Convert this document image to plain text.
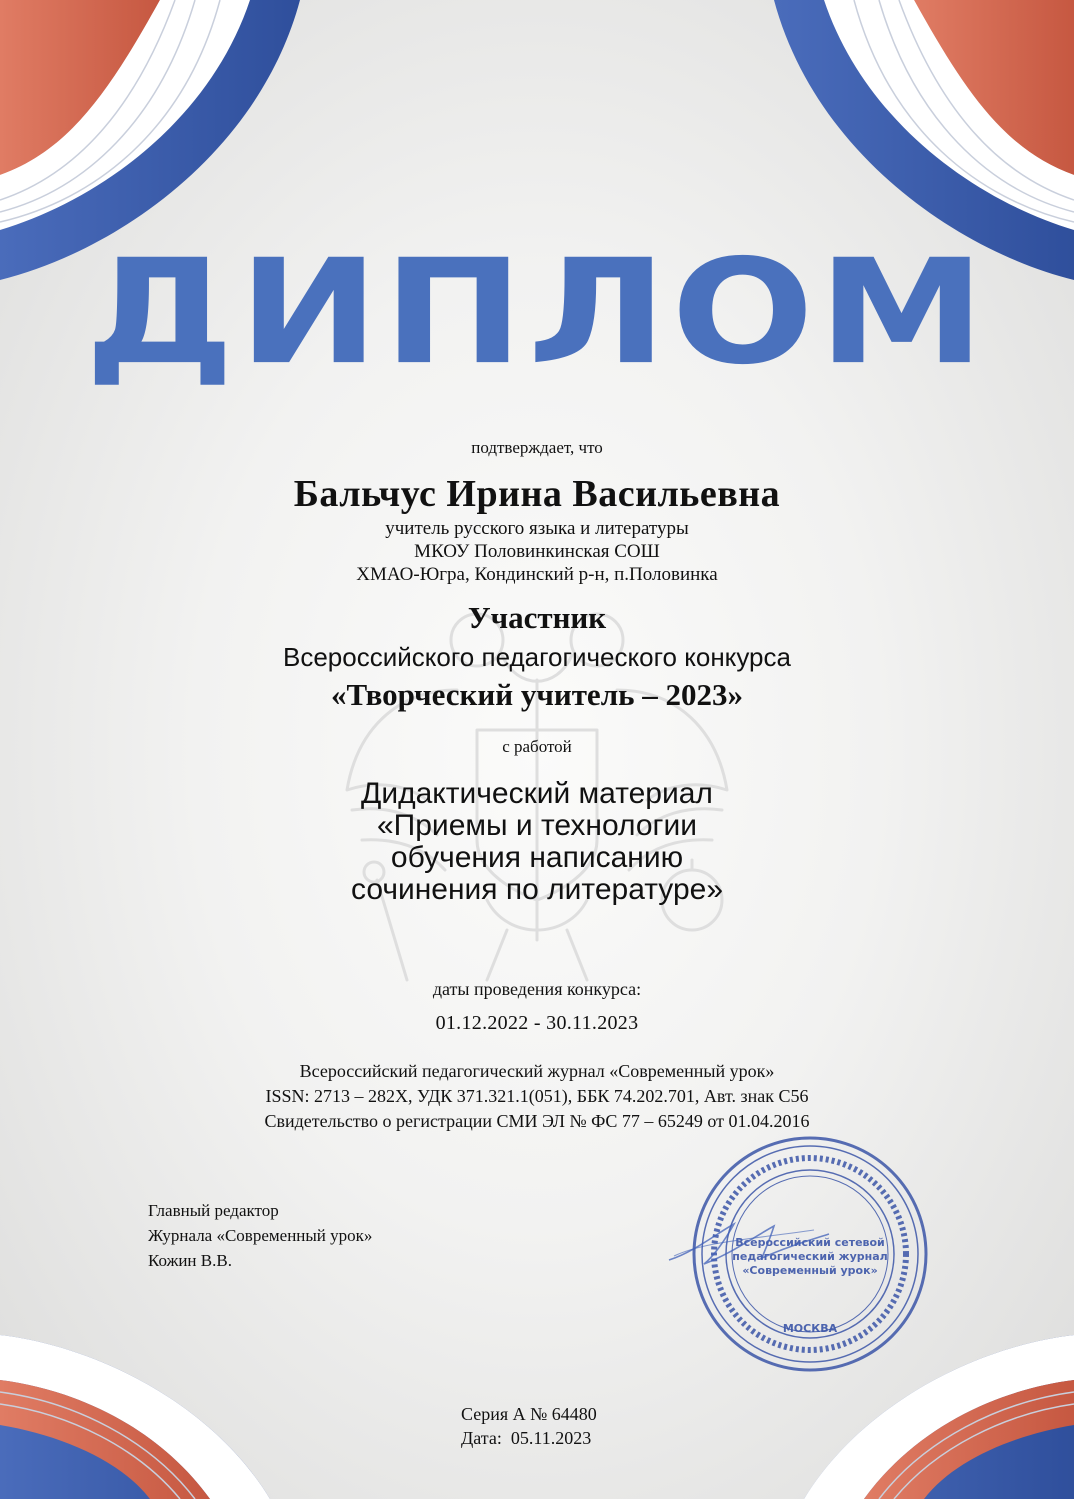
ДИПЛОМ
подтверждает, что
Бальчус Ирина Васильевна
учитель русского языка и литературы
МКОУ Половинкинская СОШ
ХМАО-Югра, Кондинский р-н, п.Половинка
Участник
Всероссийского педагогического конкурса
«Творческий учитель – 2023»
с работой
Дидактический материал
«Приемы и технологии
обучения написанию
сочинения по литературе»
даты проведения конкурса:
01.12.2022 - 30.11.2023
Всероссийский педагогический журнал «Современный урок»
ISSN: 2713 – 282X, УДК 371.321.1(051), ББК 74.202.701, Авт. знак С56
Свидетельство о регистрации СМИ ЭЛ № ФС 77 – 65249 от 01.04.2016
Главный редактор
Журнала «Современный урок»
Кожин В.В.
Всероссийский сетевой
педагогический журнал
«Современный урок»
МОСКВА
Серия А № 64480
Дата:  05.11.2023
